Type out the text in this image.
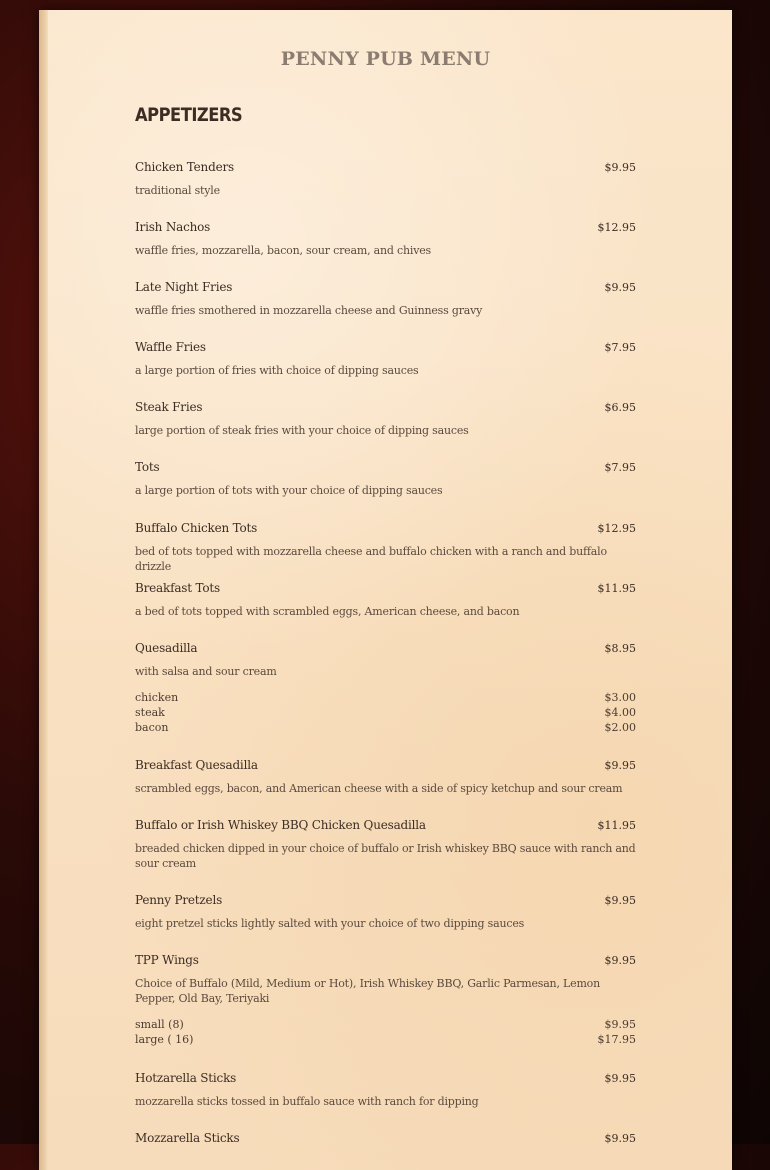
PENNY PUB MENU
APPETIZERS
Chicken Tenders	$9.95
traditional style
Irish Nachos	$12.95
waffle fries, mozzarella, bacon, sour cream, and chives
Late Night Fries	$9.95
waffle fries smothered in mozzarella cheese and Guinness gravy
Waffle Fries	$7.95
a large portion of fries with choice of dipping sauces
Steak Fries	$6.95
large portion of steak fries with your choice of dipping sauces
Tots	$7.95
a large portion of tots with your choice of dipping sauces
Buffalo Chicken Tots	$12.95
bed of tots topped with mozzarella cheese and buffalo chicken with a ranch and buffalo drizzle
Breakfast Tots	$11.95
a bed of tots topped with scrambled eggs, American cheese, and bacon
Quesadilla	$8.95
with salsa and sour cream
chicken	$3.00
steak	$4.00
bacon	$2.00
Breakfast Quesadilla	$9.95
scrambled eggs, bacon, and American cheese with a side of spicy ketchup and sour cream
Buffalo or Irish Whiskey BBQ Chicken Quesadilla	$11.95
breaded chicken dipped in your choice of buffalo or Irish whiskey BBQ sauce with ranch and sour cream
Penny Pretzels	$9.95
eight pretzel sticks lightly salted with your choice of two dipping sauces
TPP Wings	$9.95
Choice of Buffalo (Mild, Medium or Hot), Irish Whiskey BBQ, Garlic Parmesan, Lemon Pepper, Old Bay, Teriyaki
small (8)	$9.95
large ( 16)	$17.95
Hotzarella Sticks	$9.95
mozzarella sticks tossed in buffalo sauce with ranch for dipping
Mozzarella Sticks	$9.95
